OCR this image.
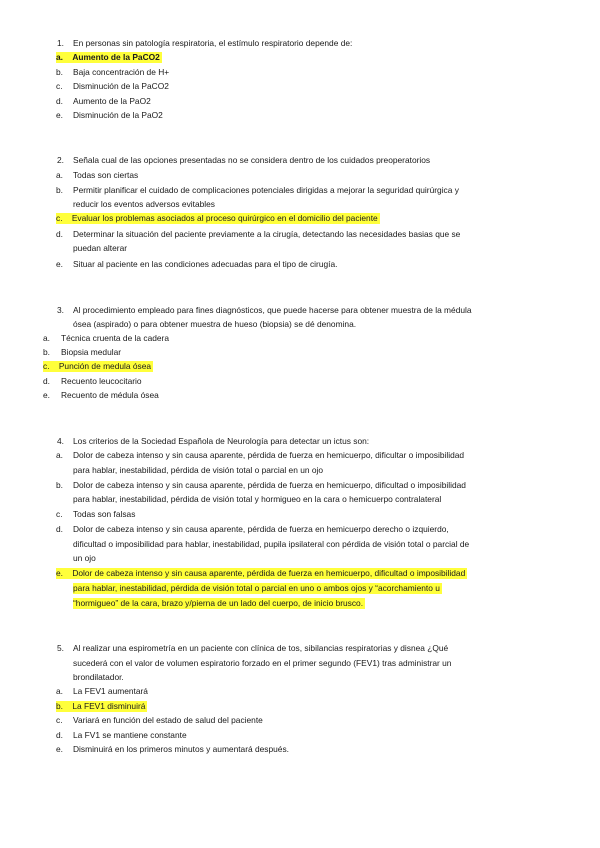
1. En personas sin patología respiratoria, el estímulo respiratorio depende de:
a. Aumento de la PaCO2
b. Baja concentración de H+
c. Disminución de la PaCO2
d. Aumento de la PaO2
e. Disminución de la PaO2
2. Señala cual de las opciones presentadas no se considera dentro de los cuidados preoperatorios
a. Todas son ciertas
b. Permitir planificar el cuidado de complicaciones potenciales dirigidas a mejorar la seguridad quirúrgica y
reducir los eventos adversos evitables
c. Evaluar los problemas asociados al proceso quirúrgico en el domicilio del paciente
d. Determinar la situación del paciente previamente a la cirugía, detectando las necesidades basias que se
puedan alterar
e. Situar al paciente en las condiciones adecuadas para el tipo de cirugía.
3. Al procedimiento empleado para fines diagnósticos, que puede hacerse para obtener muestra de la médula
ósea (aspirado) o para obtener muestra de hueso (biopsia) se dé denomina.
a. Técnica cruenta de la cadera
b. Biopsia medular
c. Punción de medula ósea
d. Recuento leucocitario
e. Recuento de médula ósea
4. Los criterios de la Sociedad Española de Neurología para detectar un ictus son:
a. Dolor de cabeza intenso y sin causa aparente, pérdida de fuerza en hemicuerpo, dificultar o imposibilidad
para hablar, inestabilidad, pérdida de visión total o parcial en un ojo
b. Dolor de cabeza intenso y sin causa aparente, pérdida de fuerza en hemicuerpo, dificultad o imposibilidad
para hablar, inestabilidad, pérdida de visión total y hormigueo en la cara o hemicuerpo contralateral
c. Todas son falsas
d. Dolor de cabeza intenso y sin causa aparente, pérdida de fuerza en hemicuerpo derecho o izquierdo,
dificultad o imposibilidad para hablar, inestabilidad, pupila ipsilateral con pérdida de visión total o parcial de
un ojo
e. Dolor de cabeza intenso y sin causa aparente, pérdida de fuerza en hemicuerpo, dificultad o imposibilidad
para hablar, inestabilidad, pérdida de visión total o parcial en uno o ambos ojos y “acorchamiento u
“hormigueo” de la cara, brazo y/pierna de un lado del cuerpo, de inicio brusco.
5. Al realizar una espirometría en un paciente con clínica de tos, sibilancias respiratorias y disnea ¿Qué
sucederá con el valor de volumen espiratorio forzado en el primer segundo (FEV1) tras administrar un
brondilatador.
a. La FEV1 aumentará
b. La FEV1 disminuirá
c. Variará en función del estado de salud del paciente
d. La FV1 se mantiene constante
e. Disminuirá en los primeros minutos y aumentará después.
